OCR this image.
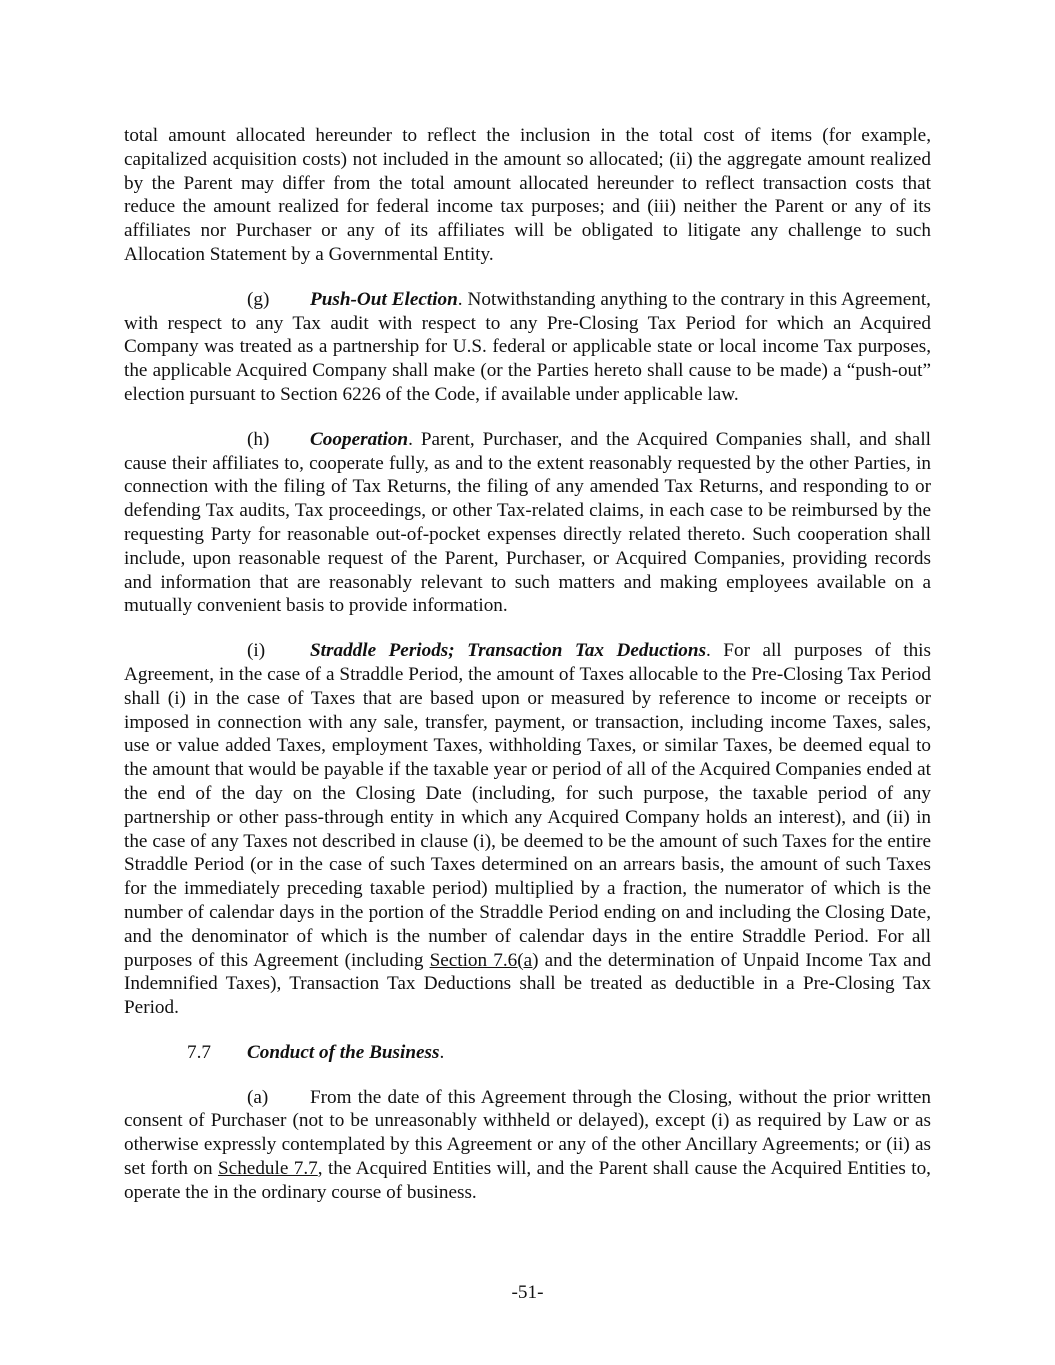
total amount allocated hereunder to reflect the inclusion in the total cost of items (for example, capitalized acquisition costs) not included in the amount so allocated; (ii) the aggregate amount realized by the Parent may differ from the total amount allocated hereunder to reflect transaction costs that reduce the amount realized for federal income tax purposes; and (iii) neither the Parent or any of its affiliates nor Purchaser or any of its affiliates will be obligated to litigate any challenge to such Allocation Statement by a Governmental Entity.

(g) Push-Out Election. Notwithstanding anything to the contrary in this Agreement, with respect to any Tax audit with respect to any Pre-Closing Tax Period for which an Acquired Company was treated as a partnership for U.S. federal or applicable state or local income Tax purposes, the applicable Acquired Company shall make (or the Parties hereto shall cause to be made) a “push-out” election pursuant to Section 6226 of the Code, if available under applicable law.

(h) Cooperation. Parent, Purchaser, and the Acquired Companies shall, and shall cause their affiliates to, cooperate fully, as and to the extent reasonably requested by the other Parties, in connection with the filing of Tax Returns, the filing of any amended Tax Returns, and responding to or defending Tax audits, Tax proceedings, or other Tax-related claims, in each case to be reimbursed by the requesting Party for reasonable out-of-pocket expenses directly related thereto. Such cooperation shall include, upon reasonable request of the Parent, Purchaser, or Acquired Companies, providing records and information that are reasonably relevant to such matters and making employees available on a mutually convenient basis to provide information.

(i) Straddle Periods; Transaction Tax Deductions. For all purposes of this Agreement, in the case of a Straddle Period, the amount of Taxes allocable to the Pre-Closing Tax Period shall (i) in the case of Taxes that are based upon or measured by reference to income or receipts or imposed in connection with any sale, transfer, payment, or transaction, including income Taxes, sales, use or value added Taxes, employment Taxes, withholding Taxes, or similar Taxes, be deemed equal to the amount that would be payable if the taxable year or period of all of the Acquired Companies ended at the end of the day on the Closing Date (including, for such purpose, the taxable period of any partnership or other pass-through entity in which any Acquired Company holds an interest), and (ii) in the case of any Taxes not described in clause (i), be deemed to be the amount of such Taxes for the entire Straddle Period (or in the case of such Taxes determined on an arrears basis, the amount of such Taxes for the immediately preceding taxable period) multiplied by a fraction, the numerator of which is the number of calendar days in the portion of the Straddle Period ending on and including the Closing Date, and the denominator of which is the number of calendar days in the entire Straddle Period. For all purposes of this Agreement (including Section 7.6(a) and the determination of Unpaid Income Tax and Indemnified Taxes), Transaction Tax Deductions shall be treated as deductible in a Pre-Closing Tax Period.

7.7 Conduct of the Business.

(a) From the date of this Agreement through the Closing, without the prior written consent of Purchaser (not to be unreasonably withheld or delayed), except (i) as required by Law or as otherwise expressly contemplated by this Agreement or any of the other Ancillary Agreements; or (ii) as set forth on Schedule 7.7, the Acquired Entities will, and the Parent shall cause the Acquired Entities to, operate the in the ordinary course of business.

-51-
